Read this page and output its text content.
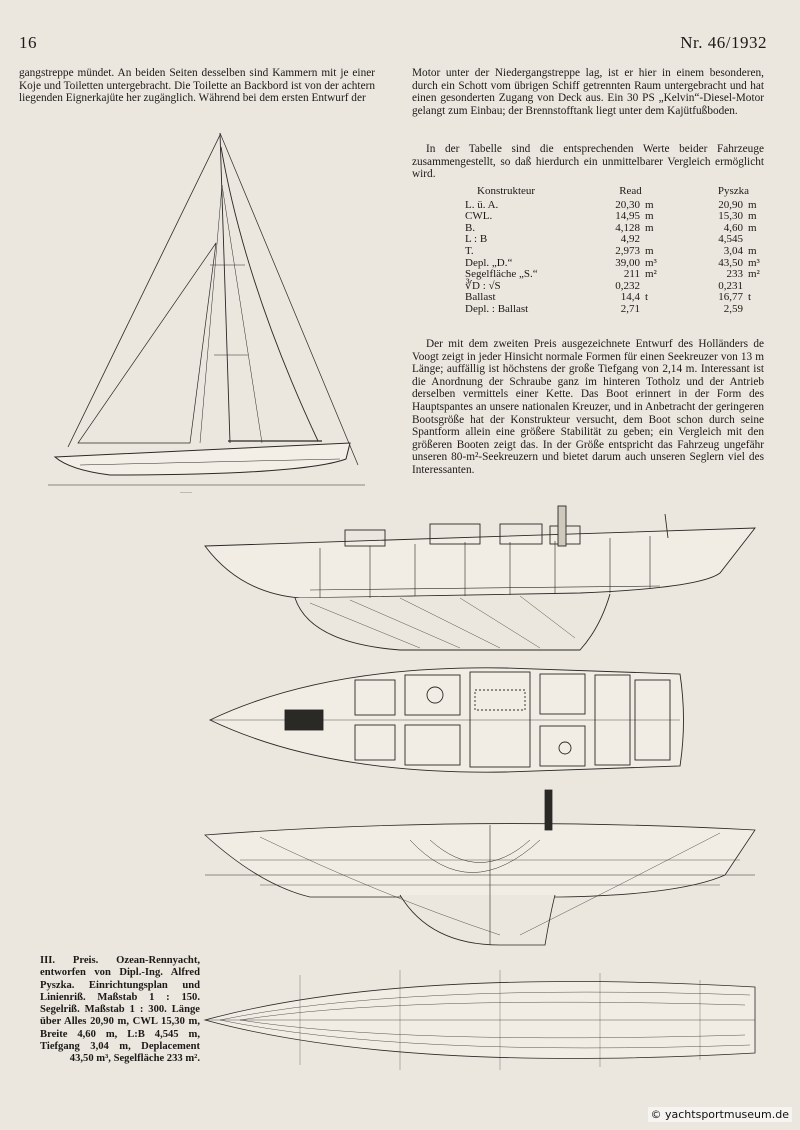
16	Nr. 46/1932

gangstreppe mündet. An beiden Seiten desselben sind Kammern mit je einer Koje und Toiletten untergebracht. Die Toilette an Backbord ist von der achtern liegenden Eignerkajüte her zugänglich. Während bei dem ersten Entwurf der

Motor unter der Niedergangstreppe lag, ist er hier in einem besonderen, durch ein Schott vom übrigen Schiff getrennten Raum untergebracht und hat einen gesonderten Zugang von Deck aus. Ein 30 PS „Kelvin“-Diesel-Motor gelangt zum Einbau; der Brennstofftank liegt unter dem Kajütfußboden.

In der Tabelle sind die entsprechenden Werte beider Fahrzeuge zusammengestellt, so daß hierdurch ein unmittelbarer Vergleich ermöglicht wird.

Konstrukteur	Read			Pyszka	
L. ü. A.	20,30	m		20,90	m
CWL.	14,95	m		15,30	m
B.	4,128	m		4,60	m
L : B	4,92			4,545	
T.	2,973	m		3,04	m
Depl. „D.“	39,00	m³		43,50	m³
Segelfläche „S.“	211	m²		233	m²
∛D : √S	0,232			0,231	
Ballast	14,4	t		16,77	t
Depl. : Ballast	2,71			2,59	

Der mit dem zweiten Preis ausgezeichnete Entwurf des Holländers de Voogt zeigt in jeder Hinsicht normale Formen für einen Seekreuzer von 13 m Länge; auffällig ist höchstens der große Tiefgang von 2,14 m. Interessant ist die Anordnung der Schraube ganz im hinteren Totholz und der Antrieb derselben vermittels einer Kette. Das Boot erinnert in der Form des Hauptspantes an unsere nationalen Kreuzer, und in Anbetracht der geringeren Bootsgröße hat der Konstrukteur versucht, dem Boot schon durch seine Spantform allein eine größere Stabilität zu geben; ein Vergleich mit den größeren Booten zeigt das. In der Größe entspricht das Fahrzeug ungefähr unseren 80-m²-Seekreuzern und bietet darum auch unseren Seglern viel des Interessanten.

———

III. Preis. Ozean-Rennyacht, entworfen von Dipl.-Ing. Alfred Pyszka. Einrichtungsplan und Linienriß. Maßstab 1 : 150. Segelriß. Maßstab 1 : 300. Länge über Alles 20,90 m, CWL 15,30 m, Breite 4,60 m, L:B 4,545 m, Tiefgang 3,04 m, Deplacement 43,50 m³, Segelfläche 233 m².

© yachtsportmuseum.de
